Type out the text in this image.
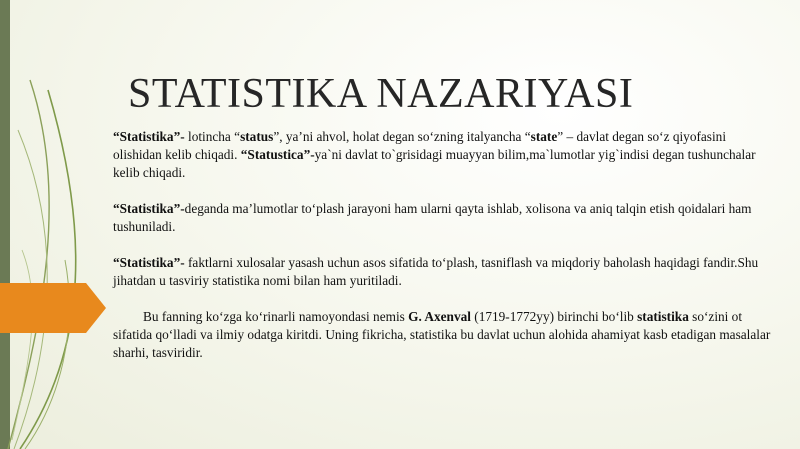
STATISTIKA NAZARIYASI

“Statistika”- lotincha “status”, ya’ni ahvol, holat degan so‘zning italyancha “state” – davlat degan so‘z qiyofasini olishidan kelib chiqadi. “Statustica”-ya`ni davlat to`grisidagi muayyan bilim,ma`lumotlar yig`indisi degan tushunchalar kelib chiqadi.

“Statistika”-deganda ma’lumotlar to‘plash jarayoni ham ularni qayta ishlab, xolisona va aniq talqin etish qoidalari ham tushuniladi.

“Statistika”- faktlarni xulosalar yasash uchun asos sifatida to‘plash, tasniflash va miqdoriy baholash haqidagi fandir.Shu jihatdan u tasviriy statistika nomi bilan ham yuritiladi.

Bu fanning ko‘zga ko‘rinarli namoyondasi nemis G. Axenval (1719-1772yy) birinchi bo‘lib statistika so‘zini ot sifatida qo‘lladi va ilmiy odatga kiritdi. Uning fikricha, statistika bu davlat uchun alohida ahamiyat kasb etadigan masalalar sharhi, tasviridir.
